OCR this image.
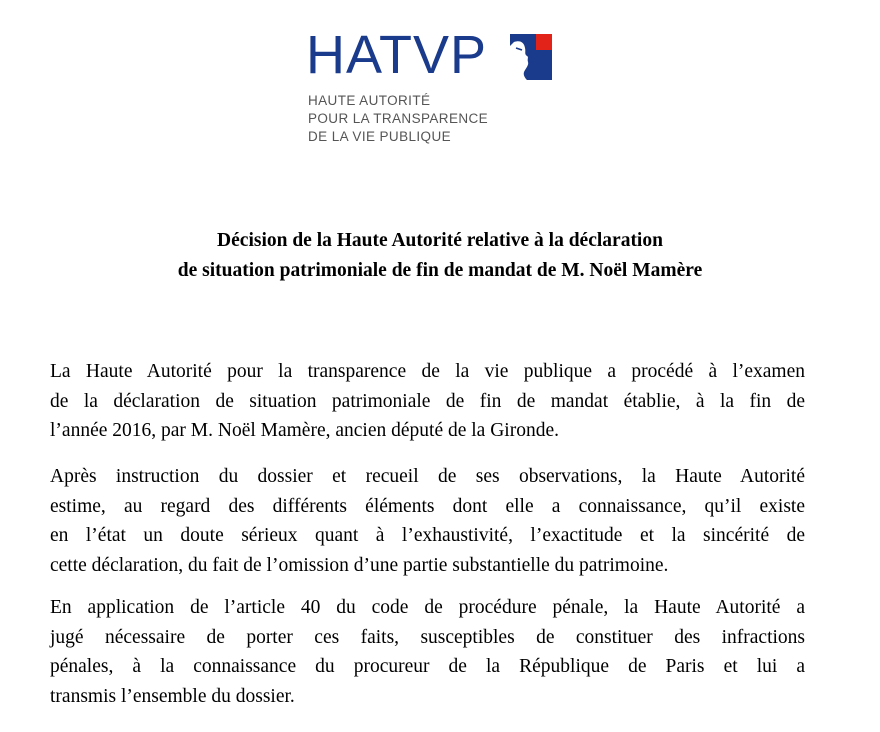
HATVP
HAUTE AUTORITÉ
POUR LA TRANSPARENCE
DE LA VIE PUBLIQUE
Décision de la Haute Autorité relative à la déclaration
de situation patrimoniale de fin de mandat de M. Noël Mamère
La Haute Autorité pour la transparence de la vie publique a procédé à l’examen
de la déclaration de situation patrimoniale de fin de mandat établie, à la fin de
l’année 2016, par M. Noël Mamère, ancien député de la Gironde.
Après instruction du dossier et recueil de ses observations, la Haute Autorité
estime, au regard des différents éléments dont elle a connaissance, qu’il existe
en l’état un doute sérieux quant à l’exhaustivité, l’exactitude et la sincérité de
cette déclaration, du fait de l’omission d’une partie substantielle du patrimoine.
En application de l’article 40 du code de procédure pénale, la Haute Autorité a
jugé nécessaire de porter ces faits, susceptibles de constituer des infractions
pénales, à la connaissance du procureur de la République de Paris et lui a
transmis l’ensemble du dossier.
